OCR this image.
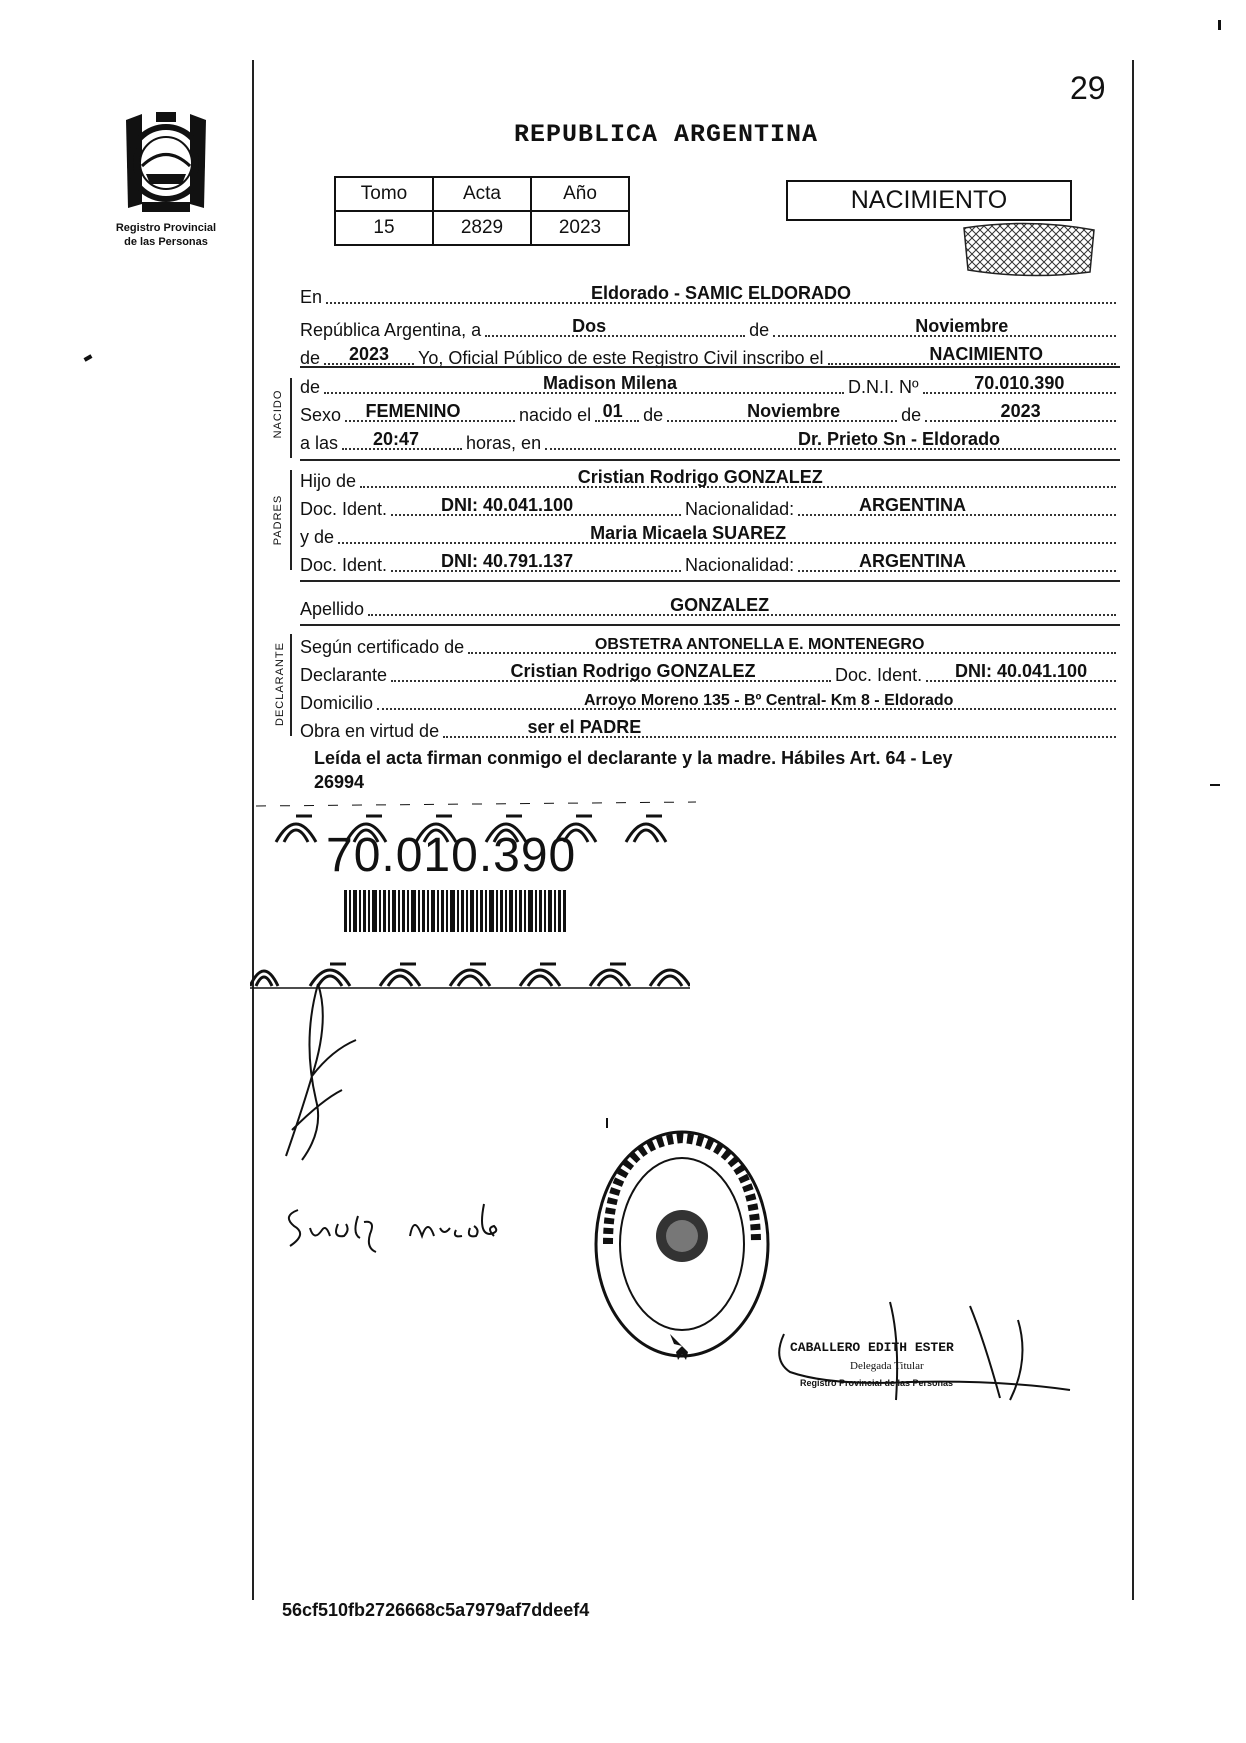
29
Registro Provincial
de las Personas
REPUBLICA ARGENTINA
Tomo	Acta	Año
15	2829	2023
NACIMIENTO
En	Eldorado - SAMIC ELDORADO
República Argentina, a	Dos	de	Noviembre
de 2023 Yo, Oficial Público de este Registro Civil inscribo el	NACIMIENTO
NACIDO
de	Madison Milena	D.N.I. Nº	70.010.390
Sexo FEMENINO	nacido el 01 de	Noviembre	de	2023
a las 20:47	horas, en	Dr. Prieto Sn - Eldorado
PADRES
Hijo de	Cristian Rodrigo GONZALEZ
Doc. Ident.	DNI: 40.041.100	Nacionalidad:	ARGENTINA
y de	Maria Micaela SUAREZ
Doc. Ident.	DNI: 40.791.137	Nacionalidad:	ARGENTINA
Apellido	GONZALEZ
DECLARANTE Según certificado de	OBSTETRA ANTONELLA E. MONTENEGRO
Declarante	Cristian Rodrigo GONZALEZ	Doc. Ident. DNI: 40.041.100
Domicilio	Arroyo Moreno 135 - Bº Central- Km 8 - Eldorado
Obra en virtud de	ser el PADRE
Leída el acta firman conmigo el declarante y la madre. Hábiles Art. 64 - Ley
26994
70.010.390
CABALLERO EDITH ESTER
Delegada Titular
Registro Provincial de las Personas
56cf510fb2726668c5a7979af7ddeef4
